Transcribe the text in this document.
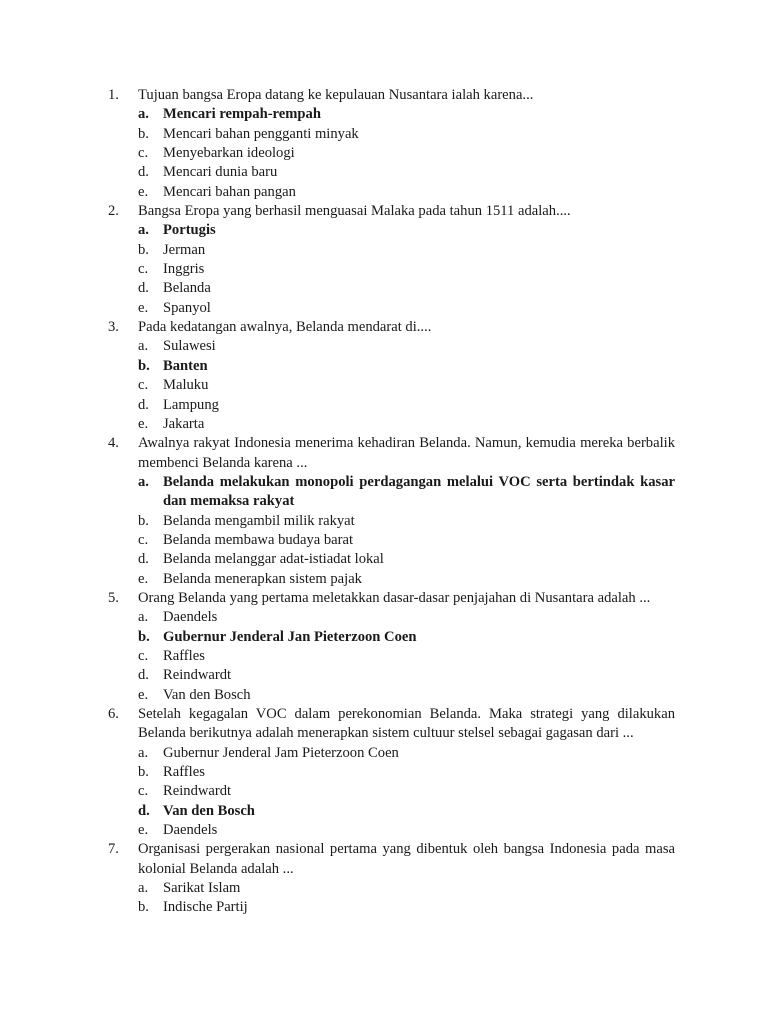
1.	Tujuan bangsa Eropa datang ke kepulauan Nusantara ialah karena...
a. Mencari rempah-rempah
b. Mencari bahan pengganti minyak
c.	Menyebarkan ideologi
d. Mencari dunia baru
e.	Mencari bahan pangan
2.	Bangsa Eropa yang berhasil menguasai Malaka pada tahun 1511 adalah....
a. Portugis
b. Jerman
c.	Inggris
d. Belanda
e.	Spanyol
3.	Pada kedatangan awalnya, Belanda mendarat di....
a.	Sulawesi
b. Banten
c.	Maluku
d. Lampung
e.	Jakarta
4.	Awalnya rakyat Indonesia menerima kehadiran Belanda. Namun, kemudia mereka berbalik membenci Belanda karena ...
a. Belanda melakukan monopoli perdagangan melalui VOC serta bertindak kasar dan memaksa rakyat
b. Belanda mengambil milik rakyat
c.	Belanda membawa budaya barat
d. Belanda melanggar adat-istiadat lokal
e.	Belanda menerapkan sistem pajak
5.	Orang Belanda yang pertama meletakkan dasar-dasar penjajahan di Nusantara adalah ...
a.	Daendels
b. Gubernur Jenderal Jan Pieterzoon Coen
c.	Raffles
d. Reindwardt
e.	Van den Bosch
6.	Setelah kegagalan VOC dalam perekonomian Belanda. Maka strategi yang dilakukan Belanda berikutnya adalah menerapkan sistem cultuur stelsel sebagai gagasan dari ...
a.	Gubernur Jenderal Jam Pieterzoon Coen
b. Raffles
c.	Reindwardt
d. Van den Bosch
e.	Daendels
7.	Organisasi pergerakan nasional pertama yang dibentuk oleh bangsa Indonesia pada masa kolonial Belanda adalah ...
a.	Sarikat Islam
b. Indische Partij
